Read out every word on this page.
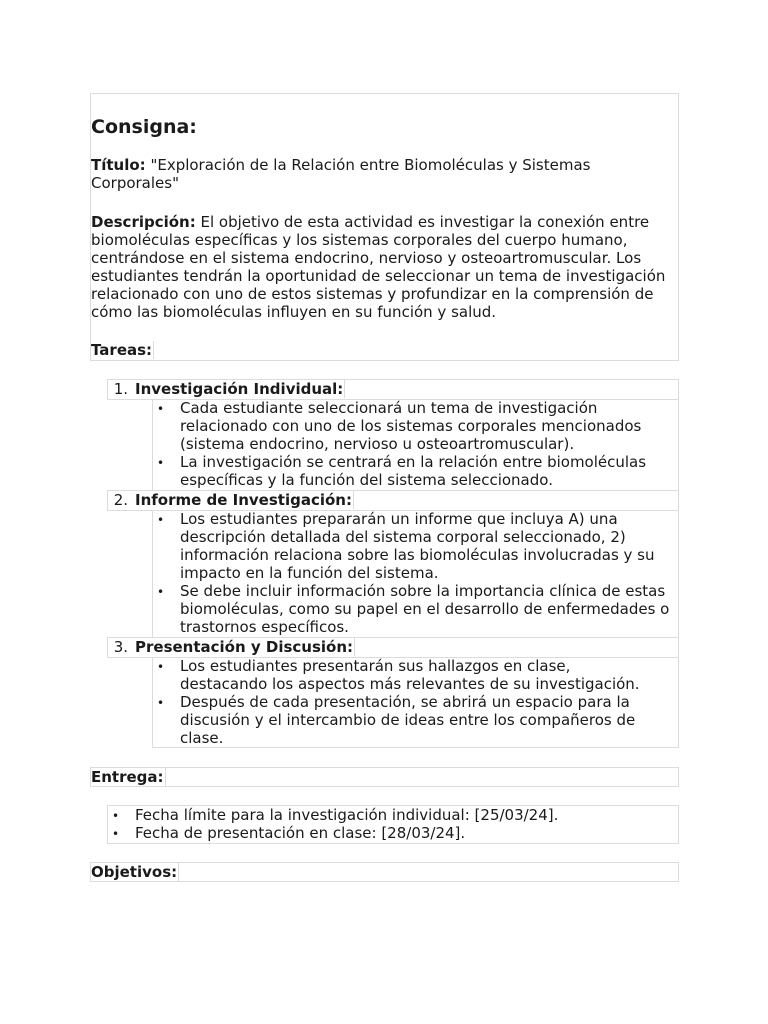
Consigna:
Título: "Exploración de la Relación entre Biomoléculas y Sistemas Corporales"
Descripción: El objetivo de esta actividad es investigar la conexión entre biomoléculas específicas y los sistemas corporales del cuerpo humano, centrándose en el sistema endocrino, nervioso y osteoartromuscular. Los estudiantes tendrán la oportunidad de seleccionar un tema de investigación relacionado con uno de estos sistemas y profundizar en la comprensión de cómo las biomoléculas influyen en su función y salud.
Tareas:
1. Investigación Individual:
• Cada estudiante seleccionará un tema de investigación relacionado con uno de los sistemas corporales mencionados (sistema endocrino, nervioso u osteoartromuscular).
• La investigación se centrará en la relación entre biomoléculas específicas y la función del sistema seleccionado.
2. Informe de Investigación:
• Los estudiantes prepararán un informe que incluya A) una descripción detallada del sistema corporal seleccionado, 2) información relaciona sobre las biomoléculas involucradas y su impacto en la función del sistema.
• Se debe incluir información sobre la importancia clínica de estas biomoléculas, como su papel en el desarrollo de enfermedades o trastornos específicos.
3. Presentación y Discusión:
• Los estudiantes presentarán sus hallazgos en clase, destacando los aspectos más relevantes de su investigación.
• Después de cada presentación, se abrirá un espacio para la discusión y el intercambio de ideas entre los compañeros de clase.
Entrega:
• Fecha límite para la investigación individual: [25/03/24].
• Fecha de presentación en clase: [28/03/24].
Objetivos:
